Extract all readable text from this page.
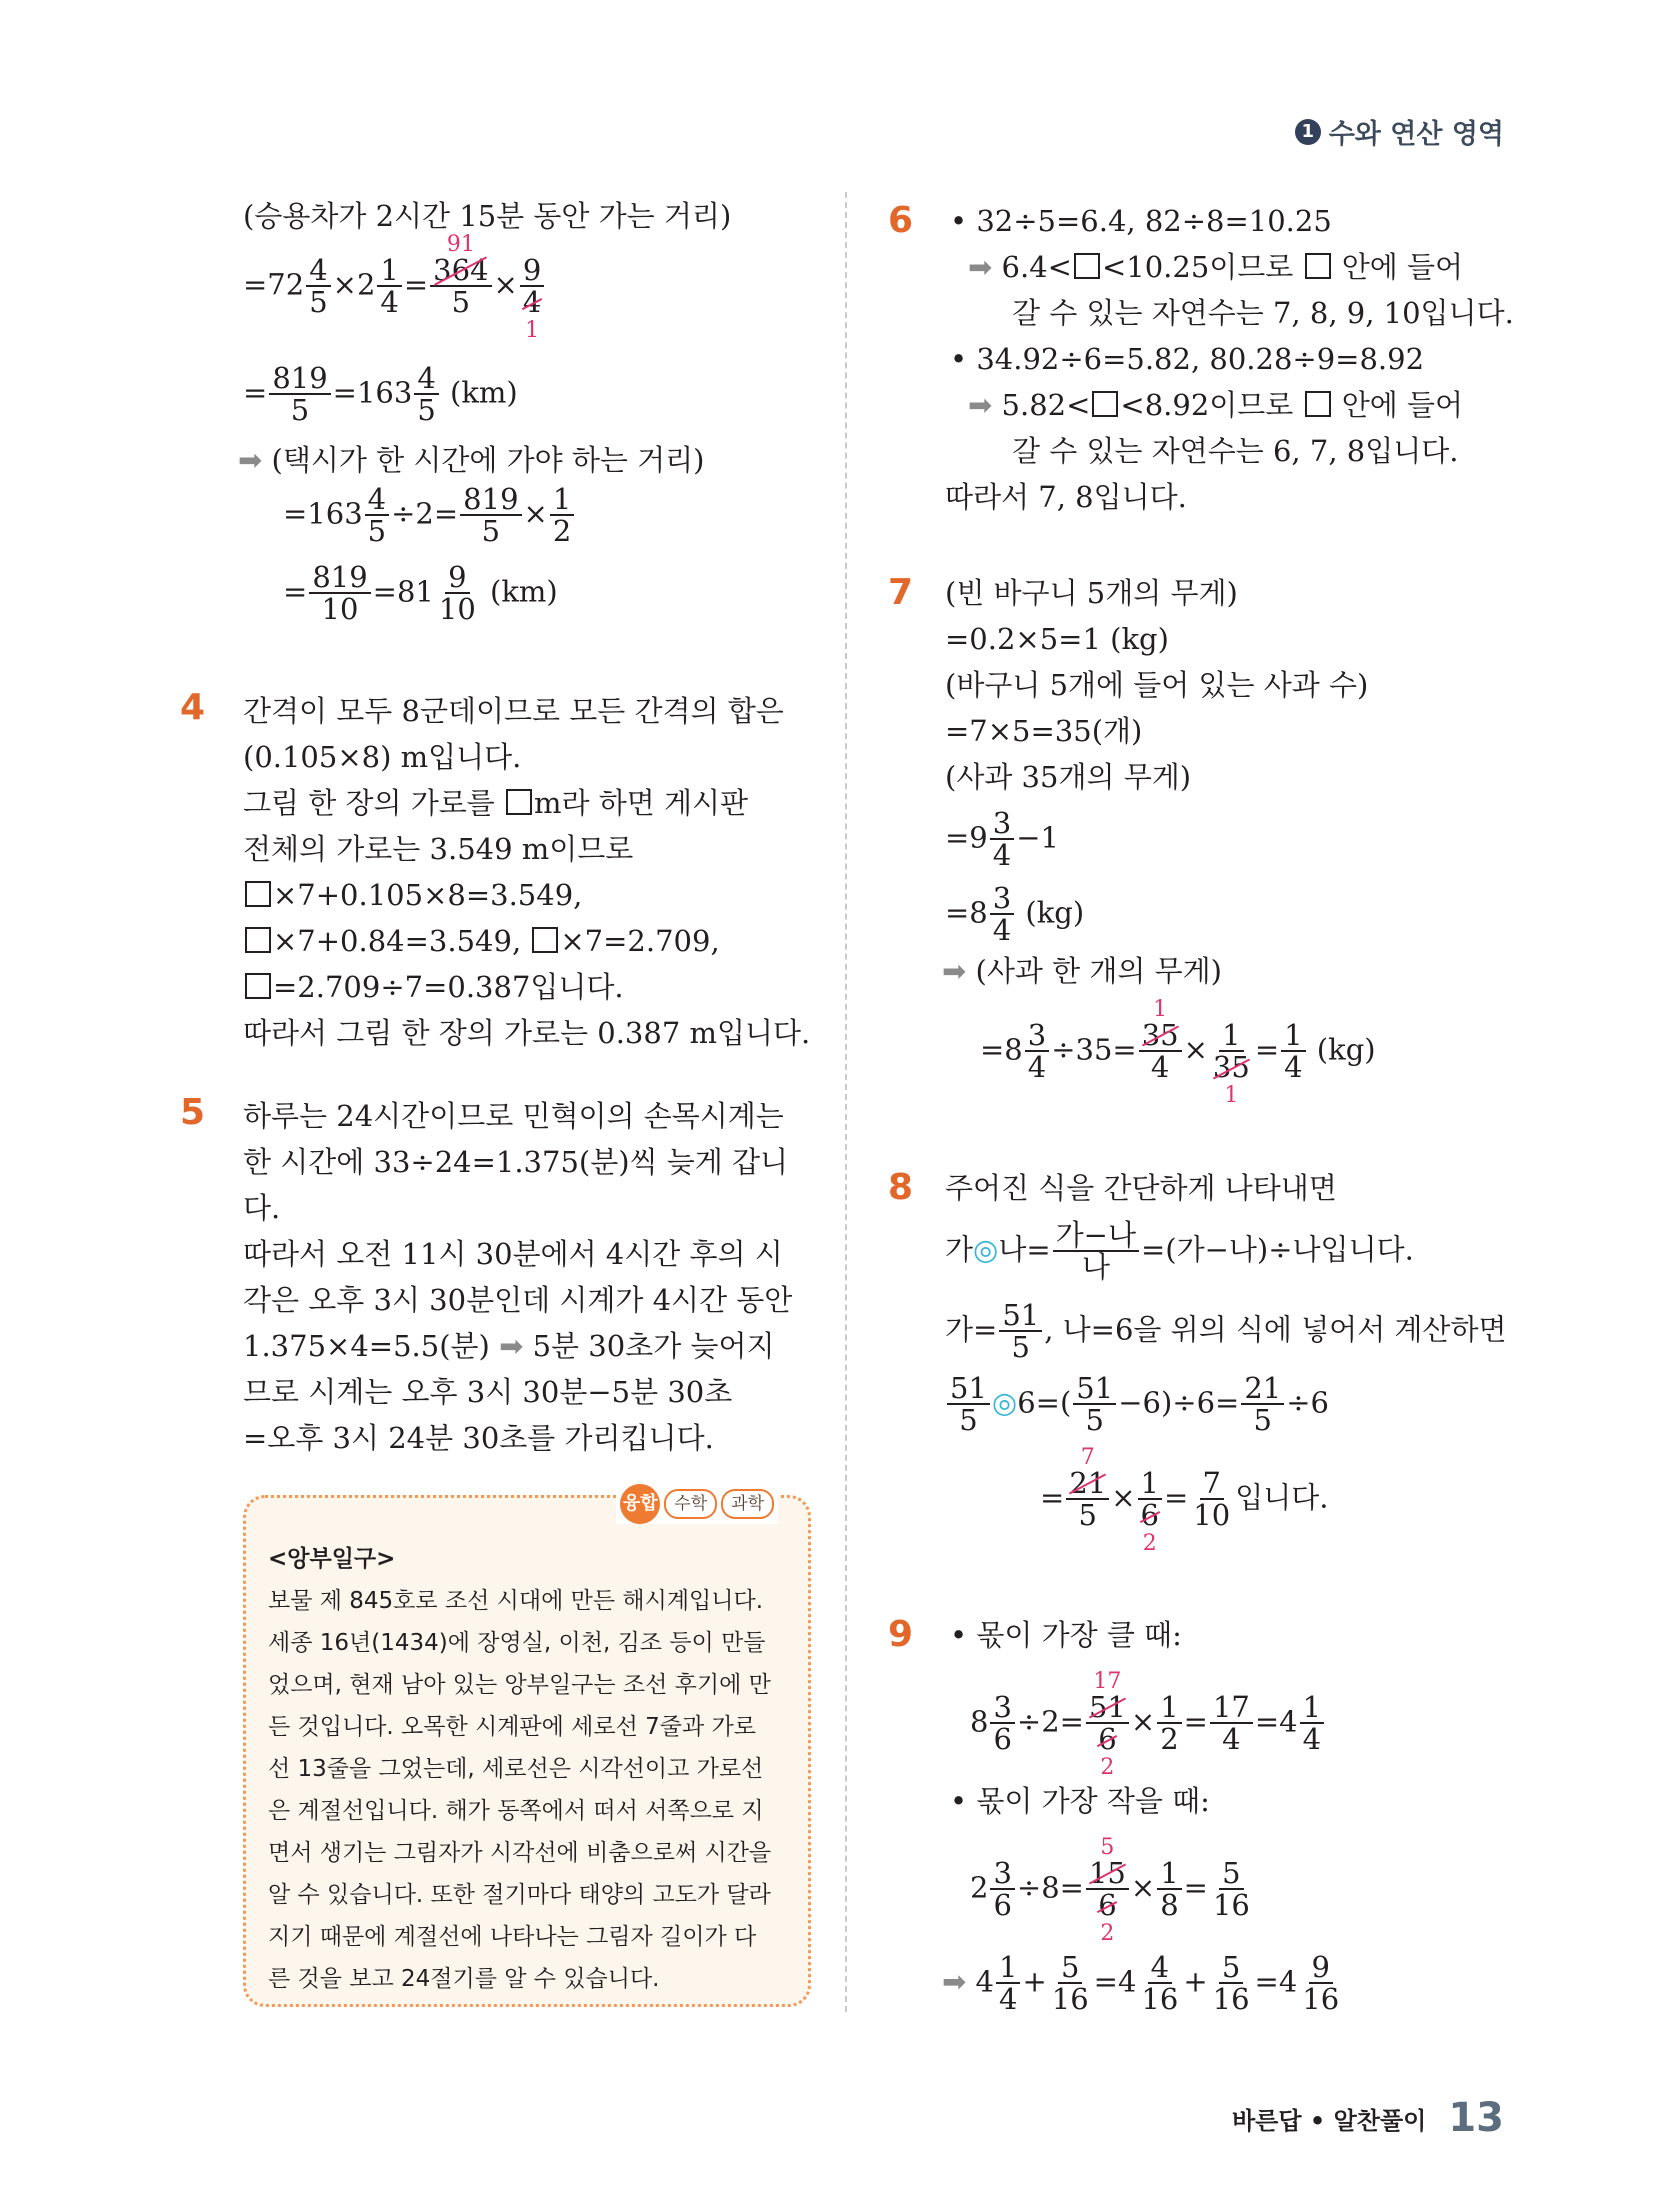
1 수와 연산 영역
(승용차가 2시간 15분 동안 가는 거리)
$=72 \frac{4}{5} \times 2 \frac{1}{4}$ =
91
364
5
× 9
4
1
= $\frac{819}{5} =163 \frac{4}{5} (km)$
➡ (택시가 한 시간에 가야 하는 거리)
$=163 \frac{4}{5} \div 2= \frac{819}{5} \times \frac{1}{2}$
= $\frac{819}{10} =81 \frac{9}{10} (km)$
4 간격이 모두 8군데이므로 모든 간격의 합은
(0.105×8) m입니다.
그림 한 장의 가로를 m라 하면 게시판
전체의 가로는 3.549 m이므로
×7+0.105×8=3.549,
×7+0.84=3.549, ×7=2.709,
=2.709÷7=0.387입니다.
따라서 그림 한 장의 가로는 0.387 m입니다.
5 하루는 24시간이므로 민혁이의 손목시계는
한 시간에 33÷24=1.375(분)씩 늦게 갑니
다.
따라서 오전 11시 30분에서 4시간 후의 시
각은 오후 3시 30분인데 시계가 4시간 동안
1.375×4=5.5(분) ➡ 5분 30초가 늦어지
므로 시계는 오후 3시 30분−5분 30초
=오후 3시 24분 30초를 가리킵니다.
융합 수학	과학

<앙부일구>

보물 제 845호로 조선 시대에 만든 해시계입니다.

세종 16년(1434)에 장영실, 이천, 김조 등이 만들

었으며, 현재 남아 있는 앙부일구는 조선 후기에 만

든 것입니다. 오목한 시계판에 세로선 7줄과 가로

선 13줄을 그었는데, 세로선은 시각선이고 가로선

은 계절선입니다. 해가 동쪽에서 떠서 서쪽으로 지

면서 생기는 그림자가 시각선에 비춤으로써 시간을

알 수 있습니다. 또한 절기마다 태양의 고도가 달라

지기 때문에 계절선에 나타나는 그림자 길이가 다

른 것을 보고 24절기를 알 수 있습니다.

6 • 32÷5=6.4, 82÷8=10.25
➡ 6.4< <10.25이므로  안에 들어
갈 수 있는 자연수는 7, 8, 9, 10입니다.
• 34.92÷6=5.82, 80.28÷9=8.92
➡ 5.82< <8.92이므로  안에 들어
갈 수 있는 자연수는 6, 7, 8입니다.
따라서 7, 8입니다.
7 (빈 바구니 5개의 무게)
=0.2×5=1 (kg)
(바구니 5개에 들어 있는 사과 수)
=7×5=35(개)
(사과 35개의 무게)
$=9 \frac{3}{4} -1$
$=8 \frac{3}{4} (kg)$
➡ (사과 한 개의 무게)
$=8 \frac{3}{4} \div 35=$
1
35
4
× 1
35
1
= $\frac{1}{4} (kg)$
8 주어진 식을 간단하게 나타내면
가◎나= $\frac{\text{가−나}}{\text{나}}$ =(가−나)÷나입니다.
가= $\frac{51}{5}$ , 나=6을 위의 식에 넣어서 계산하면
$\frac{51}{5}$ ◎6=( $\frac{51}{5} -6)\div 6= \frac{21}{5} \div 6$
=
7
21
5
× 1
6
2
= $\frac{7}{10}$ 입니다.
9 • 몫이 가장 클 때:
$8 \frac{3}{6} \div 2=$
17
51
6
2
× $\frac{1}{2} = \frac{17}{4} =4 \frac{1}{4}$
• 몫이 가장 작을 때:
$2 \frac{3}{6} \div 8=$
5
15
6
2
× $\frac{1}{8} = \frac{5}{16}$
➡ $4 \frac{1}{4} + \frac{5}{16} =4 \frac{4}{16} + \frac{5}{16} =4 \frac{9}{16}$
바른답 • 알찬풀이 13
